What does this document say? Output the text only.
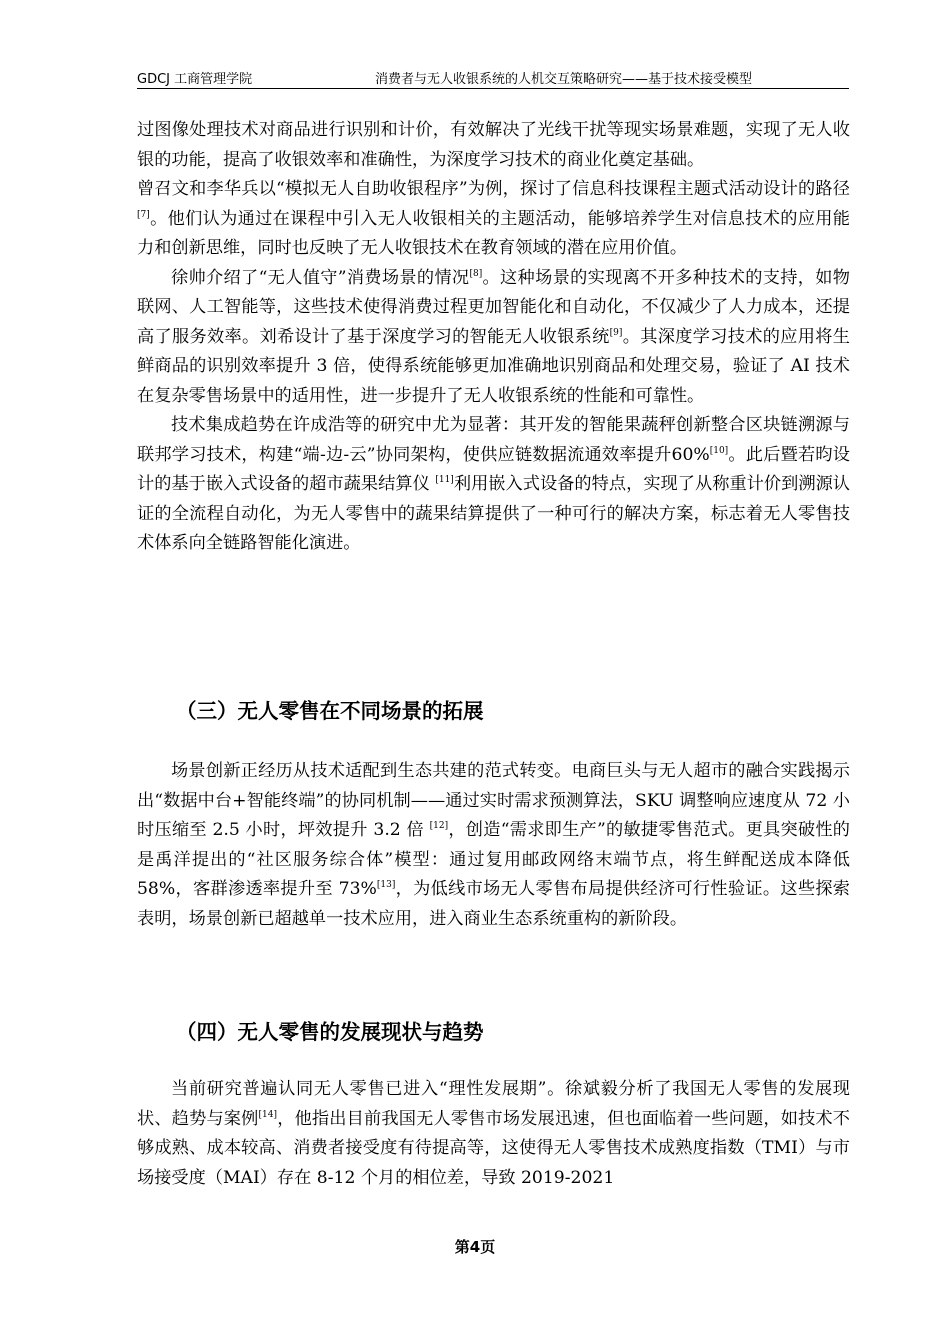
GDCJ 工商管理学院	消费者与无人收银系统的人机交互策略研究——基于技术接受模型

过图像处理技术对商品进行识别和计价，有效解决了光线干扰等现实场景难题，实现了无人收银的功能，提高了收银效率和准确性，为深度学习技术的商业化奠定基础。

曾召文和李华兵以“模拟无人自助收银程序”为例，探讨了信息科技课程主题式活动设计的路径[7]。他们认为通过在课程中引入无人收银相关的主题活动，能够培养学生对信息技术的应用能力和创新思维，同时也反映了无人收银技术在教育领域的潜在应用价值。

徐帅介绍了“无人值守”消费场景的情况[8]。这种场景的实现离不开多种技术的支持，如物联网、人工智能等，这些技术使得消费过程更加智能化和自动化，不仅减少了人力成本，还提高了服务效率。刘希设计了基于深度学习的智能无人收银系统[9]。其深度学习技术的应用将生鲜商品的识别效率提升 3 倍，使得系统能够更加准确地识别商品和处理交易，验证了 AI 技术在复杂零售场景中的适用性，进一步提升了无人收银系统的性能和可靠性。

技术集成趋势在许成浩等的研究中尤为显著：其开发的智能果蔬秤创新整合区块链溯源与联邦学习技术，构建“端-边-云”协同架构，使供应链数据流通效率提升60%[10]。此后暨若昀设计的基于嵌入式设备的超市蔬果结算仪 [11]利用嵌入式设备的特点，实现了从称重计价到溯源认证的全流程自动化，为无人零售中的蔬果结算提供了一种可行的解决方案，标志着无人零售技术体系向全链路智能化演进。

（三）无人零售在不同场景的拓展

场景创新正经历从技术适配到生态共建的范式转变。电商巨头与无人超市的融合实践揭示出“数据中台+智能终端”的协同机制——通过实时需求预测算法，SKU 调整响应速度从 72 小时压缩至 2.5 小时，坪效提升 3.2 倍 [12]，创造“需求即生产”的敏捷零售范式。更具突破性的是禹洋提出的“社区服务综合体”模型：通过复用邮政网络末端节点，将生鲜配送成本降低 58%，客群渗透率提升至 73%[13]，为低线市场无人零售布局提供经济可行性验证。这些探索表明，场景创新已超越单一技术应用，进入商业生态系统重构的新阶段。

（四）无人零售的发展现状与趋势

当前研究普遍认同无人零售已进入“理性发展期”。徐斌毅分析了我国无人零售的发展现状、趋势与案例[14]，他指出目前我国无人零售市场发展迅速，但也面临着一些问题，如技术不够成熟、成本较高、消费者接受度有待提高等，这使得无人零售技术成熟度指数（TMI）与市场接受度（MAI）存在 8-12 个月的相位差，导致 2019-2021

第4页
